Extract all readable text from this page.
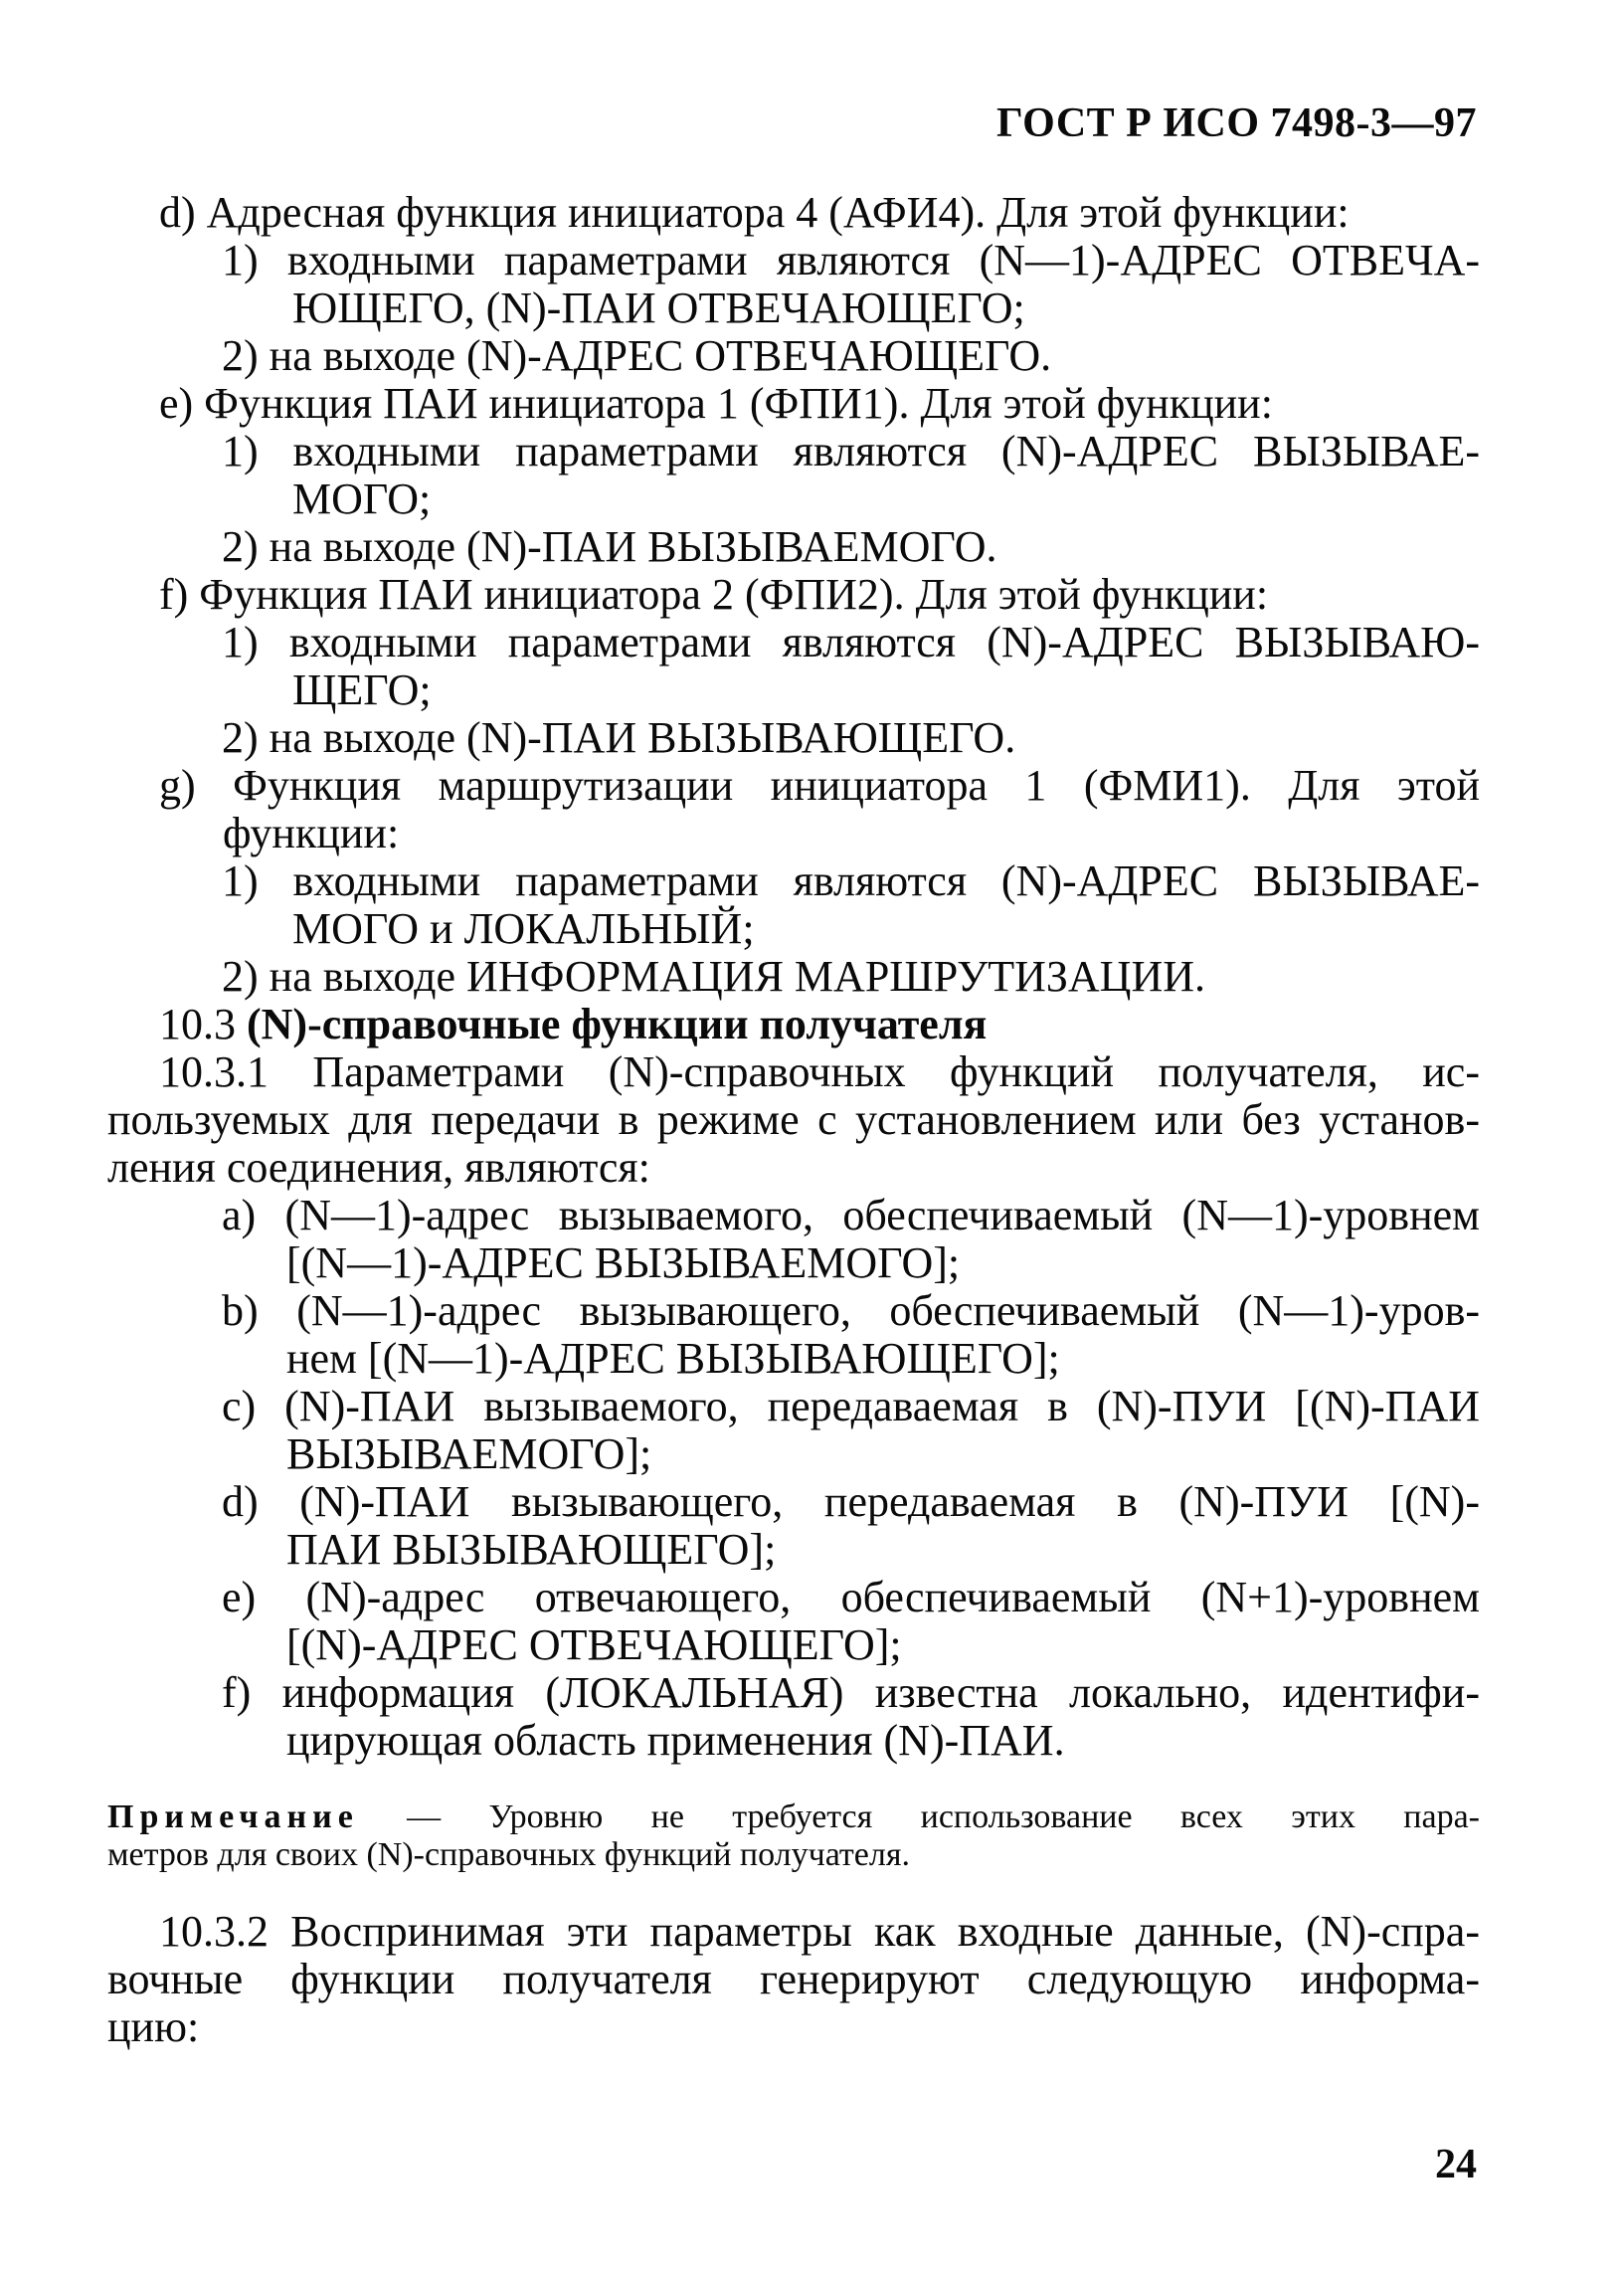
ГОСТ Р ИСО 7498-3—97
d) Адресная функция инициатора 4 (АФИ4). Для этой функции:
1) входными параметрами являются (N—1)-АДРЕС ОТВЕЧА-
ЮЩЕГО, (N)-ПАИ ОТВЕЧАЮЩЕГО;
2) на выходе (N)-АДРЕС ОТВЕЧАЮЩЕГО.
е) Функция ПАИ инициатора 1 (ФПИ1). Для этой функции:
1) входными параметрами являются (N)-АДРЕС ВЫЗЫВАЕ-
МОГО;
2) на выходе (N)-ПАИ ВЫЗЫВАЕМОГО.
f) Функция ПАИ инициатора 2 (ФПИ2). Для этой функции:
1) входными параметрами являются (N)-АДРЕС ВЫЗЫВАЮ-
ЩЕГО;
2) на выходе (N)-ПАИ ВЫЗЫВАЮЩЕГО.
g) Функция маршрутизации инициатора 1 (ФМИ1). Для этой
функции:
1) входными параметрами являются (N)-АДРЕС ВЫЗЫВАЕ-
МОГО и ЛОКАЛЬНЫЙ;
2) на выходе ИНФОРМАЦИЯ МАРШРУТИЗАЦИИ.
10.3 (N)-справочные функции получателя
10.3.1 Параметрами (N)-справочных функций получателя, ис-
пользуемых для передачи в режиме с установлением или без установ-
ления соединения, являются:
а) (N—1)-адрес вызываемого, обеспечиваемый (N—1)-уровнем
[(N—1)-АДРЕС ВЫЗЫВАЕМОГО];
b) (N—1)-адрес вызывающего, обеспечиваемый (N—1)-уров-
нем [(N—1)-АДРЕС ВЫЗЫВАЮЩЕГО];
с) (N)-ПАИ вызываемого, передаваемая в (N)-ПУИ [(N)-ПАИ
ВЫЗЫВАЕМОГО];
d) (N)-ПАИ вызывающего, передаваемая в (N)-ПУИ [(N)-
ПАИ ВЫЗЫВАЮЩЕГО];
е) (N)-адрес отвечающего, обеспечиваемый (N+1)-уровнем
[(N)-АДРЕС ОТВЕЧАЮЩЕГО];
f) информация (ЛОКАЛЬНАЯ) известна локально, идентифи-
цирующая область применения (N)-ПАИ.
Примечание — Уровню не требуется использование всех этих пара-
метров для своих (N)-справочных функций получателя.
10.3.2 Воспринимая эти параметры как входные данные, (N)-спра-
вочные функции получателя генерируют следующую информа-
цию:
24
